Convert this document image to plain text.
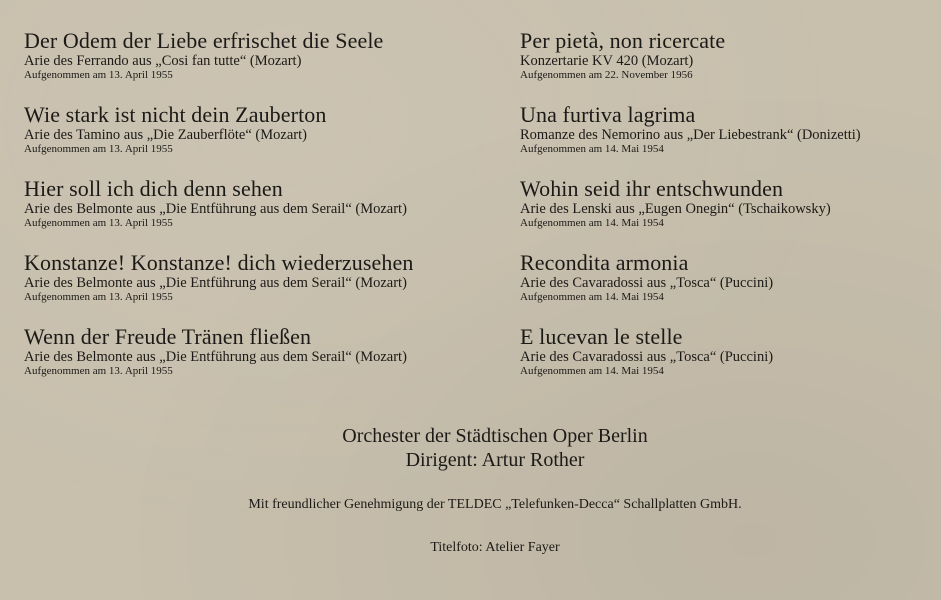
Der Odem der Liebe erfrischet die Seele
Arie des Ferrando aus „Cosi fan tutte“ (Mozart)
Aufgenommen am 13. April 1955
Wie stark ist nicht dein Zauberton
Arie des Tamino aus „Die Zauberflöte“ (Mozart)
Aufgenommen am 13. April 1955
Hier soll ich dich denn sehen
Arie des Belmonte aus „Die Entführung aus dem Serail“ (Mozart)
Aufgenommen am 13. April 1955
Konstanze! Konstanze! dich wiederzusehen
Arie des Belmonte aus „Die Entführung aus dem Serail“ (Mozart)
Aufgenommen am 13. April 1955
Wenn der Freude Tränen fließen
Arie des Belmonte aus „Die Entführung aus dem Serail“ (Mozart)
Aufgenommen am 13. April 1955
Per pietà, non ricercate
Konzertarie KV 420 (Mozart)
Aufgenommen am 22. November 1956
Una furtiva lagrima
Romanze des Nemorino aus „Der Liebestrank“ (Donizetti)
Aufgenommen am 14. Mai 1954
Wohin seid ihr entschwunden
Arie des Lenski aus „Eugen Onegin“ (Tschaikowsky)
Aufgenommen am 14. Mai 1954
Recondita armonia
Arie des Cavaradossi aus „Tosca“ (Puccini)
Aufgenommen am 14. Mai 1954
E lucevan le stelle
Arie des Cavaradossi aus „Tosca“ (Puccini)
Aufgenommen am 14. Mai 1954
Orchester der Städtischen Oper Berlin
Dirigent: Artur Rother
Mit freundlicher Genehmigung der TELDEC „Telefunken-Decca“ Schallplatten GmbH.
Titelfoto: Atelier Fayer
